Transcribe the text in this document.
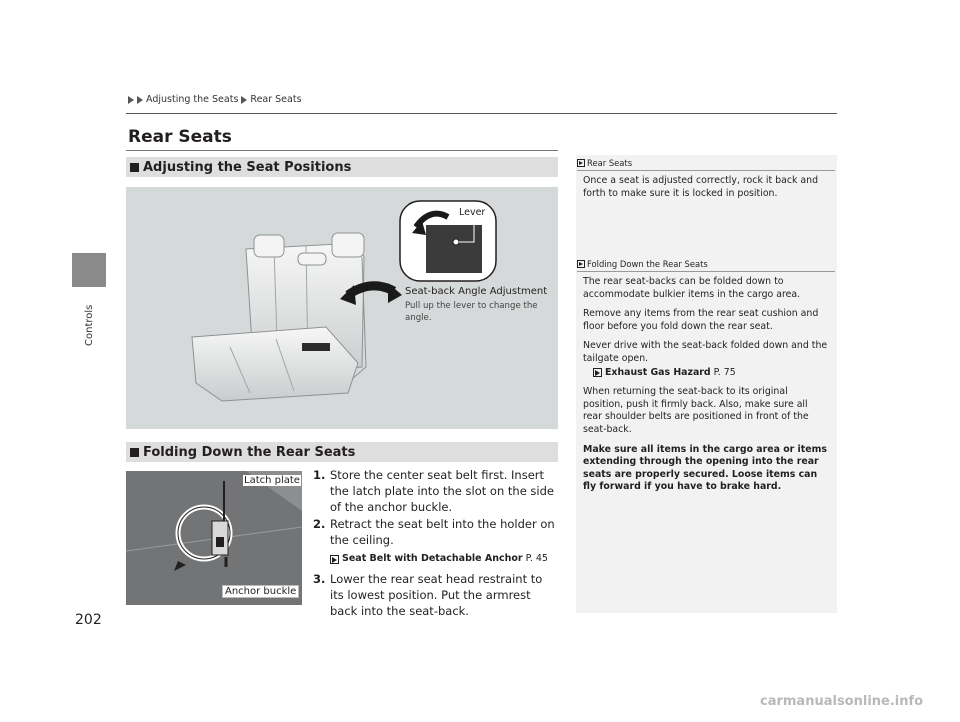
Controls
Adjusting the Seats Rear Seats
Rear Seats
Adjusting the Seat Positions
Lever
Seat-back Angle Adjustment
Pull up the lever to change the angle.
Folding Down the Rear Seats
Latch plate
Anchor buckle
1. Store the center seat belt first. Insert the latch plate into the slot on the side of the anchor buckle.
2. Retract the seat belt into the holder on the ceiling.
Seat Belt with Detachable Anchor P. 45
3. Lower the rear seat head restraint to its lowest position. Put the armrest back into the seat-back.
Rear Seats

Once a seat is adjusted correctly, rock it back and forth to make sure it is locked in position.

Folding Down the Rear Seats

The rear seat-backs can be folded down to accommodate bulkier items in the cargo area.

Remove any items from the rear seat cushion and floor before you fold down the rear seat.

Never drive with the seat-back folded down and the tailgate open.

Exhaust Gas Hazard P. 75

When returning the seat-back to its original position, push it firmly back. Also, make sure all rear shoulder belts are positioned in front of the seat-back.

Make sure all items in the cargo area or items extending through the opening into the rear seats are properly secured. Loose items can fly forward if you have to brake hard.

202
carmanualsonline.info
